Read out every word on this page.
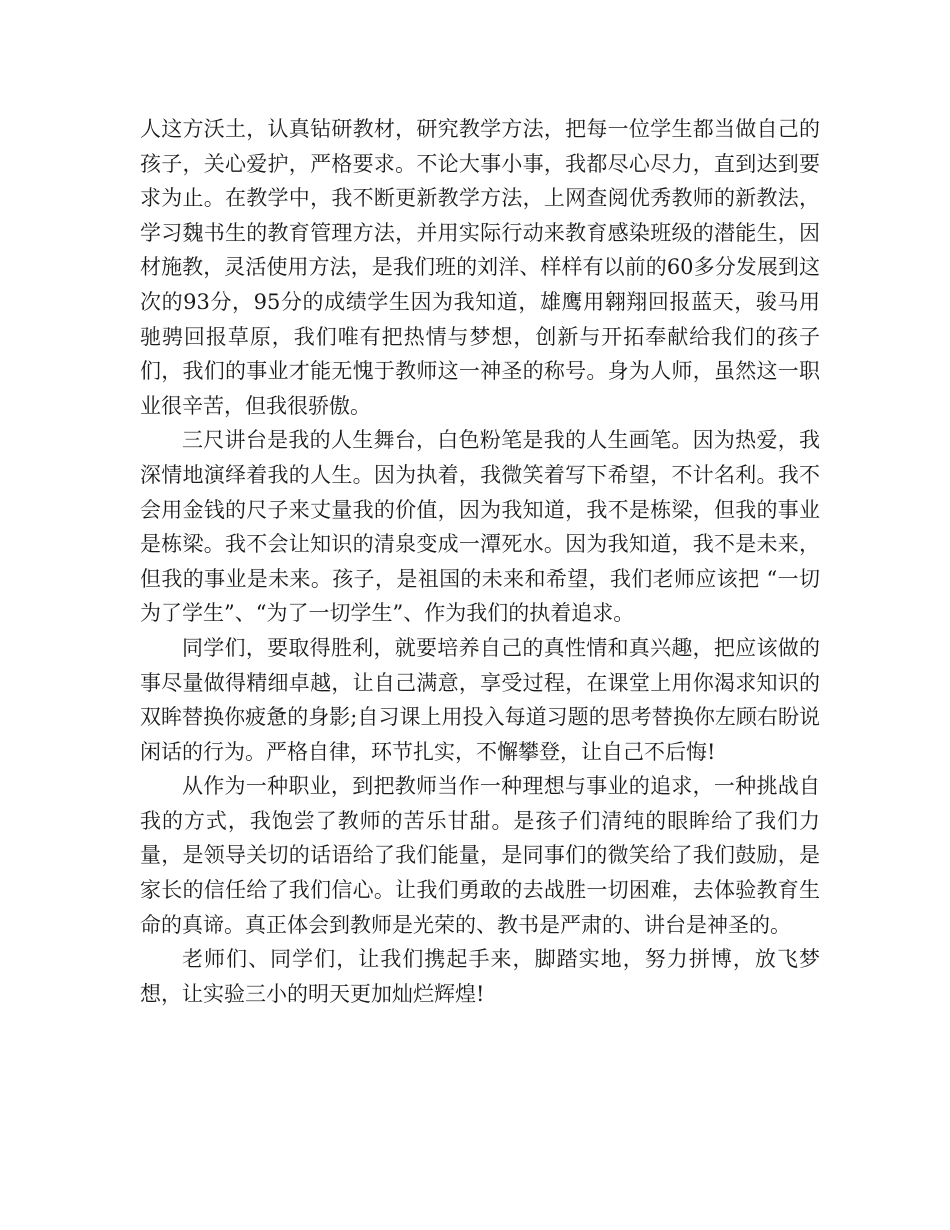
人这方沃土，认真钻研教材，研究教学方法，把每一位学生都当做自己的孩子，关心爱护，严格要求。不论大事小事，我都尽心尽力，直到达到要求为止。在教学中，我不断更新教学方法，上网查阅优秀教师的新教法，学习魏书生的教育管理方法，并用实际行动来教育感染班级的潜能生，因材施教，灵活使用方法，是我们班的刘洋、样样有以前的60多分发展到这次的93分，95分的成绩学生因为我知道，雄鹰用翱翔回报蓝天，骏马用驰骋回报草原，我们唯有把热情与梦想，创新与开拓奉献给我们的孩子们，我们的事业才能无愧于教师这一神圣的称号。身为人师，虽然这一职业很辛苦，但我很骄傲。

三尺讲台是我的人生舞台，白色粉笔是我的人生画笔。因为热爱，我深情地演绎着我的人生。因为执着，我微笑着写下希望，不计名利。我不会用金钱的尺子来丈量我的价值，因为我知道，我不是栋梁，但我的事业是栋梁。我不会让知识的清泉变成一潭死水。因为我知道，我不是未来，但我的事业是未来。孩子，是祖国的未来和希望，我们老师应该把 “一切为了学生”、“为了一切学生”、作为我们的执着追求。

同学们，要取得胜利，就要培养自己的真性情和真兴趣，把应该做的事尽量做得精细卓越，让自己满意，享受过程，在课堂上用你渴求知识的双眸替换你疲惫的身影;自习课上用投入每道习题的思考替换你左顾右盼说闲话的行为。严格自律，环节扎实，不懈攀登，让自己不后悔!

从作为一种职业，到把教师当作一种理想与事业的追求，一种挑战自我的方式，我饱尝了教师的苦乐甘甜。是孩子们清纯的眼眸给了我们力量，是领导关切的话语给了我们能量，是同事们的微笑给了我们鼓励，是家长的信任给了我们信心。让我们勇敢的去战胜一切困难，去体验教育生命的真谛。真正体会到教师是光荣的、教书是严肃的、讲台是神圣的。

老师们、同学们，让我们携起手来，脚踏实地，努力拼博，放飞梦想，让实验三小的明天更加灿烂辉煌!
